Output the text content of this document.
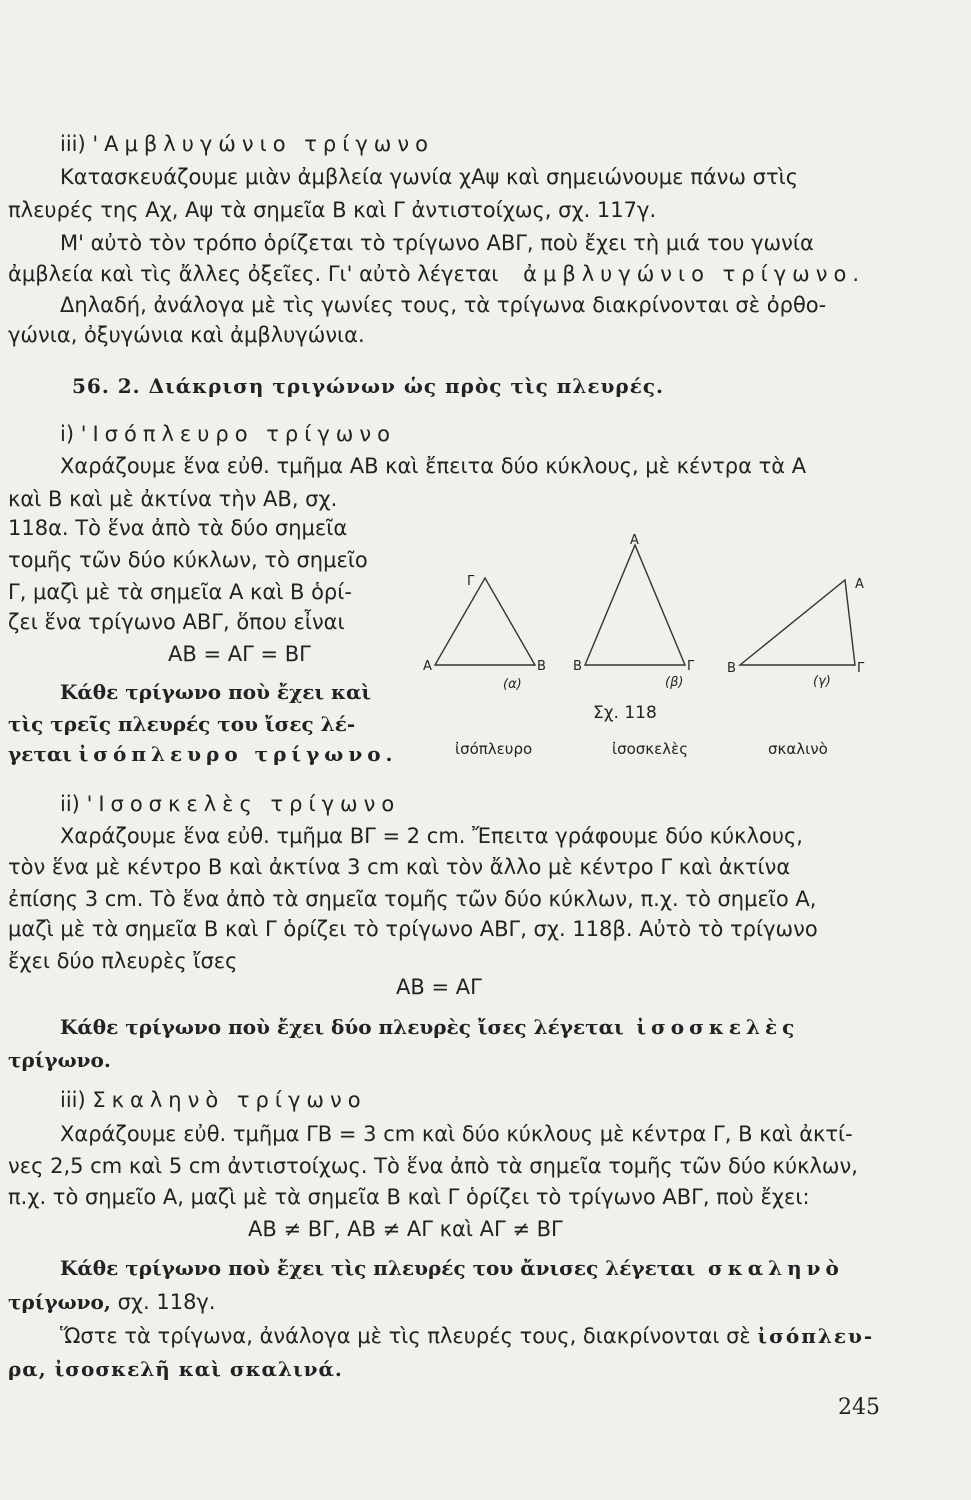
iii) 'Αμβλυγώνιο τρίγωνο
Κατασκευάζουμε μιὰν ἀμβλεία γωνία χΑψ καὶ σημειώνουμε πάνω στὶς
πλευρές της Αχ, Αψ τὰ σημεῖα Β καὶ Γ ἀντιστοίχως, σχ. 117γ.
Μ' αὐτὸ τὸν τρόπο ὁρίζεται τὸ τρίγωνο ΑΒΓ, ποὺ ἔχει τὴ μιά του γωνία
ἀμβλεία καὶ τὶς ἄλλες ὀξεῖες. Γι' αὐτὸ λέγεται ἀμβλυγώνιο τρίγωνο.
Δηλαδή, ἀνάλογα μὲ τὶς γωνίες τους, τὰ τρίγωνα διακρίνονται σὲ ὀρθο-
γώνια, ὀξυγώνια καὶ ἀμβλυγώνια.
56. 2. Διάκριση τριγώνων ὡς πρὸς τὶς πλευρές.
i) 'Ισόπλευρο τρίγωνο
Χαράζουμε ἕνα εὐθ. τμῆμα ΑΒ καὶ ἔπειτα δύο κύκλους, μὲ κέντρα τὰ Α
καὶ Β καὶ μὲ ἀκτίνα τὴν ΑΒ, σχ.
118α. Τὸ ἕνα ἀπὸ τὰ δύο σημεῖα
τομῆς τῶν δύο κύκλων, τὸ σημεῖο
Γ, μαζὶ μὲ τὰ σημεῖα Α καὶ Β ὁρί-
ζει ἕνα τρίγωνο ΑΒΓ, ὅπου εἶναι
ΑΒ = ΑΓ = ΒΓ
Κάθε τρίγωνο ποὺ ἔχει καὶ
τὶς τρεῖς πλευρές του ἴσες λέ-
γεται ἰσόπλευρο τρίγωνο.
Α	Β
Γ
Β	Γ
Α
Β	Γ
Α
(α)	(β)	(γ)
Σχ. 118
ἰσόπλευρο	ἰσοσκελὲς	σκαλινὸ
ii) 'Ισοσκελὲς τρίγωνο
Χαράζουμε ἕνα εὐθ. τμῆμα ΒΓ = 2 cm. Ἔπειτα γράφουμε δύο κύκλους,
τὸν ἕνα μὲ κέντρο Β καὶ ἀκτίνα 3 cm καὶ τὸν ἄλλο μὲ κέντρο Γ καὶ ἀκτίνα
ἐπίσης 3 cm. Τὸ ἕνα ἀπὸ τὰ σημεῖα τομῆς τῶν δύο κύκλων, π.χ. τὸ σημεῖο Α,
μαζὶ μὲ τὰ σημεῖα Β καὶ Γ ὁρίζει τὸ τρίγωνο ΑΒΓ, σχ. 118β. Αὐτὸ τὸ τρίγωνο
ἔχει δύο πλευρὲς ἴσες
ΑΒ = ΑΓ
Κάθε τρίγωνο ποὺ ἔχει δύο πλευρὲς ἴσες λέγεται ἰσοσκελὲς
τρίγωνο.
iii) Σκαληνὸ τρίγωνο
Χαράζουμε εὐθ. τμῆμα ΓΒ = 3 cm καὶ δύο κύκλους μὲ κέντρα Γ, Β καὶ ἀκτί-
νες 2,5 cm καὶ 5 cm ἀντιστοίχως. Τὸ ἕνα ἀπὸ τὰ σημεῖα τομῆς τῶν δύο κύκλων,
π.χ. τὸ σημεῖο Α, μαζὶ μὲ τὰ σημεῖα Β καὶ Γ ὁρίζει τὸ τρίγωνο ΑΒΓ, ποὺ ἔχει:
ΑΒ ≠ ΒΓ, ΑΒ ≠ ΑΓ καὶ ΑΓ ≠ ΒΓ
Κάθε τρίγωνο ποὺ ἔχει τὶς πλευρές του ἄνισες λέγεται σκαληνὸ
τρίγωνο, σχ. 118γ.
Ὥστε τὰ τρίγωνα, ἀνάλογα μὲ τὶς πλευρές τους, διακρίνονται σὲ ἰσόπλευ-
ρα, ἰσοσκελῆ καὶ σκαλινά.
245
